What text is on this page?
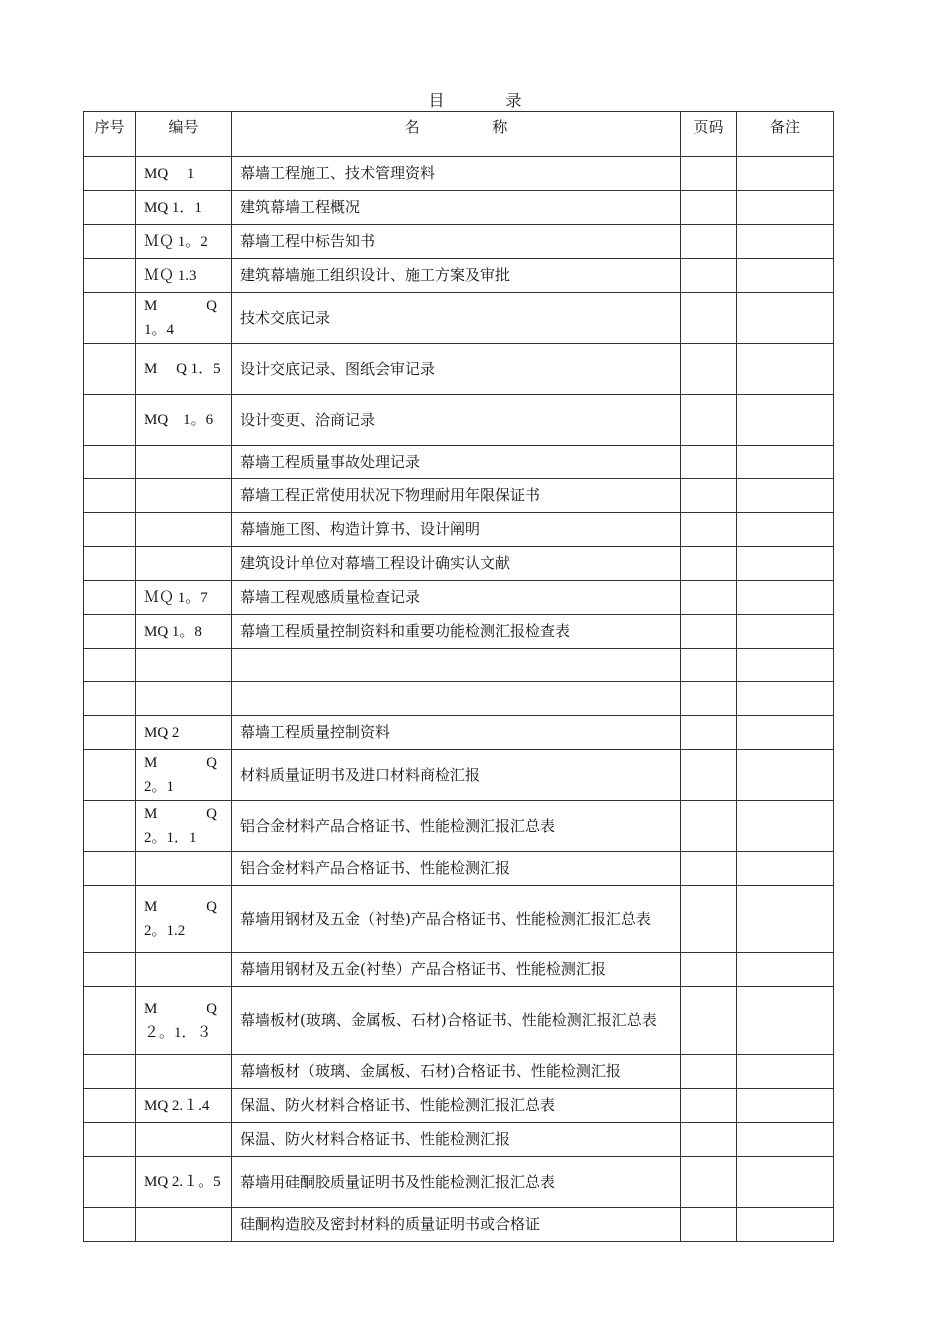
目 录
序号	编号	名 称	页码	备注
	MQ　 1	幕墙工程施工、技术管理资料		
	MQ 1．1	建筑幕墙工程概况		
	ＭＱ 1。2	幕墙工程中标告知书		
	ＭＱ 1.3	建筑幕墙施工组织设计、施工方案及审批		
	M　　　 Q 1。4	技术交底记录		
	M　 Q 1．5	设计交底记录、图纸会审记录		
	MQ　1。6	设计变更、洽商记录		
		幕墙工程质量事故处理记录		
		幕墙工程正常使用状况下物理耐用年限保证书		
		幕墙施工图、构造计算书、设计阐明		
		建筑设计单位对幕墙工程设计确实认文献		
	ＭＱ 1。7	幕墙工程观感质量检查记录		
	MQ 1。8	幕墙工程质量控制资料和重要功能检测汇报检查表		

	MQ 2	幕墙工程质量控制资料		
	M　　　 Q 2。1	材料质量证明书及进口材料商检汇报		
	M　　　 Q 2。1．1	铝合金材料产品合格证书、性能检测汇报汇总表		
		铝合金材料产品合格证书、性能检测汇报		
	M　　　 Q 2。1.2	幕墙用钢材及五金（衬垫)产品合格证书、性能检测汇报汇总表		
		幕墙用钢材及五金(衬垫）产品合格证书、性能检测汇报		
	M　　　 Q ２。1．３	幕墙板材(玻璃、金属板、石材)合格证书、性能检测汇报汇总表		
		幕墙板材（玻璃、金属板、石材)合格证书、性能检测汇报		
	MQ 2.１.4	保温、防火材料合格证书、性能检测汇报汇总表		
		保温、防火材料合格证书、性能检测汇报		
	MQ 2.１。5	幕墙用硅酮胶质量证明书及性能检测汇报汇总表		
		硅酮构造胶及密封材料的质量证明书或合格证		
